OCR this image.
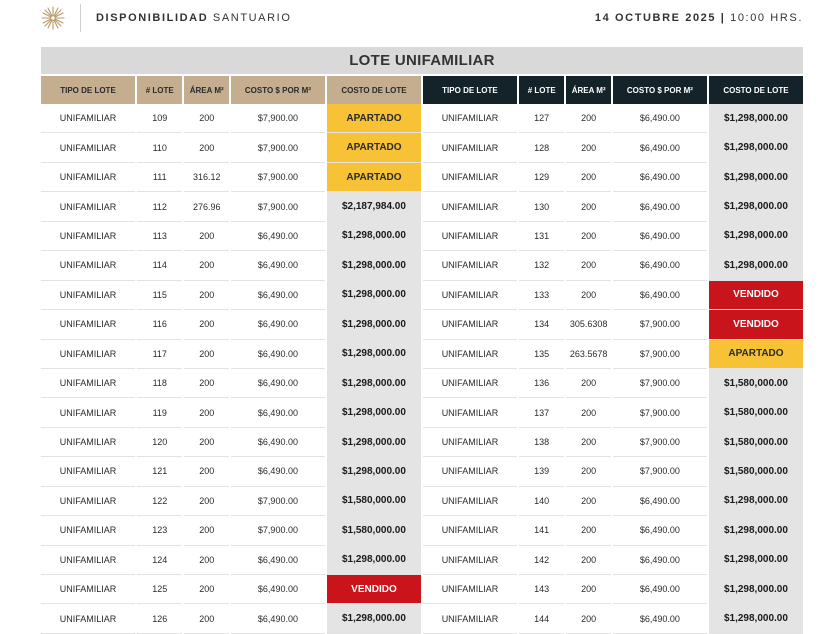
DISPONIBILIDAD SANTUARIO	14 OCTUBRE 2025 | 10:00 HRS.
LOTE UNIFAMILIAR
TIPO DE LOTE	# LOTE	ÁREA M²	COSTO $ POR M²	COSTO DE LOTE	TIPO DE LOTE	# LOTE	ÁREA M²	COSTO $ POR M²	COSTO DE LOTE
UNIFAMILIAR	109	200	$7,900.00	APARTADO	UNIFAMILIAR	127	200	$6,490.00	$1,298,000.00
UNIFAMILIAR	110	200	$7,900.00	APARTADO	UNIFAMILIAR	128	200	$6,490.00	$1,298,000.00
UNIFAMILIAR	111	316.12	$7,900.00	APARTADO	UNIFAMILIAR	129	200	$6,490.00	$1,298,000.00
UNIFAMILIAR	112	276.96	$7,900.00	$2,187,984.00	UNIFAMILIAR	130	200	$6,490.00	$1,298,000.00
UNIFAMILIAR	113	200	$6,490.00	$1,298,000.00	UNIFAMILIAR	131	200	$6,490.00	$1,298,000.00
UNIFAMILIAR	114	200	$6,490.00	$1,298,000.00	UNIFAMILIAR	132	200	$6,490.00	$1,298,000.00
UNIFAMILIAR	115	200	$6,490.00	$1,298,000.00	UNIFAMILIAR	133	200	$6,490.00	VENDIDO
UNIFAMILIAR	116	200	$6,490.00	$1,298,000.00	UNIFAMILIAR	134	305.6308	$7,900.00	VENDIDO
UNIFAMILIAR	117	200	$6,490.00	$1,298,000.00	UNIFAMILIAR	135	263.5678	$7,900.00	APARTADO
UNIFAMILIAR	118	200	$6,490.00	$1,298,000.00	UNIFAMILIAR	136	200	$7,900.00	$1,580,000.00
UNIFAMILIAR	119	200	$6,490.00	$1,298,000.00	UNIFAMILIAR	137	200	$7,900.00	$1,580,000.00
UNIFAMILIAR	120	200	$6,490.00	$1,298,000.00	UNIFAMILIAR	138	200	$7,900.00	$1,580,000.00
UNIFAMILIAR	121	200	$6,490.00	$1,298,000.00	UNIFAMILIAR	139	200	$7,900.00	$1,580,000.00
UNIFAMILIAR	122	200	$7,900.00	$1,580,000.00	UNIFAMILIAR	140	200	$6,490.00	$1,298,000.00
UNIFAMILIAR	123	200	$7,900.00	$1,580,000.00	UNIFAMILIAR	141	200	$6,490.00	$1,298,000.00
UNIFAMILIAR	124	200	$6,490.00	$1,298,000.00	UNIFAMILIAR	142	200	$6,490.00	$1,298,000.00
UNIFAMILIAR	125	200	$6,490.00	VENDIDO	UNIFAMILIAR	143	200	$6,490.00	$1,298,000.00
UNIFAMILIAR	126	200	$6,490.00	$1,298,000.00	UNIFAMILIAR	144	200	$6,490.00	$1,298,000.00
